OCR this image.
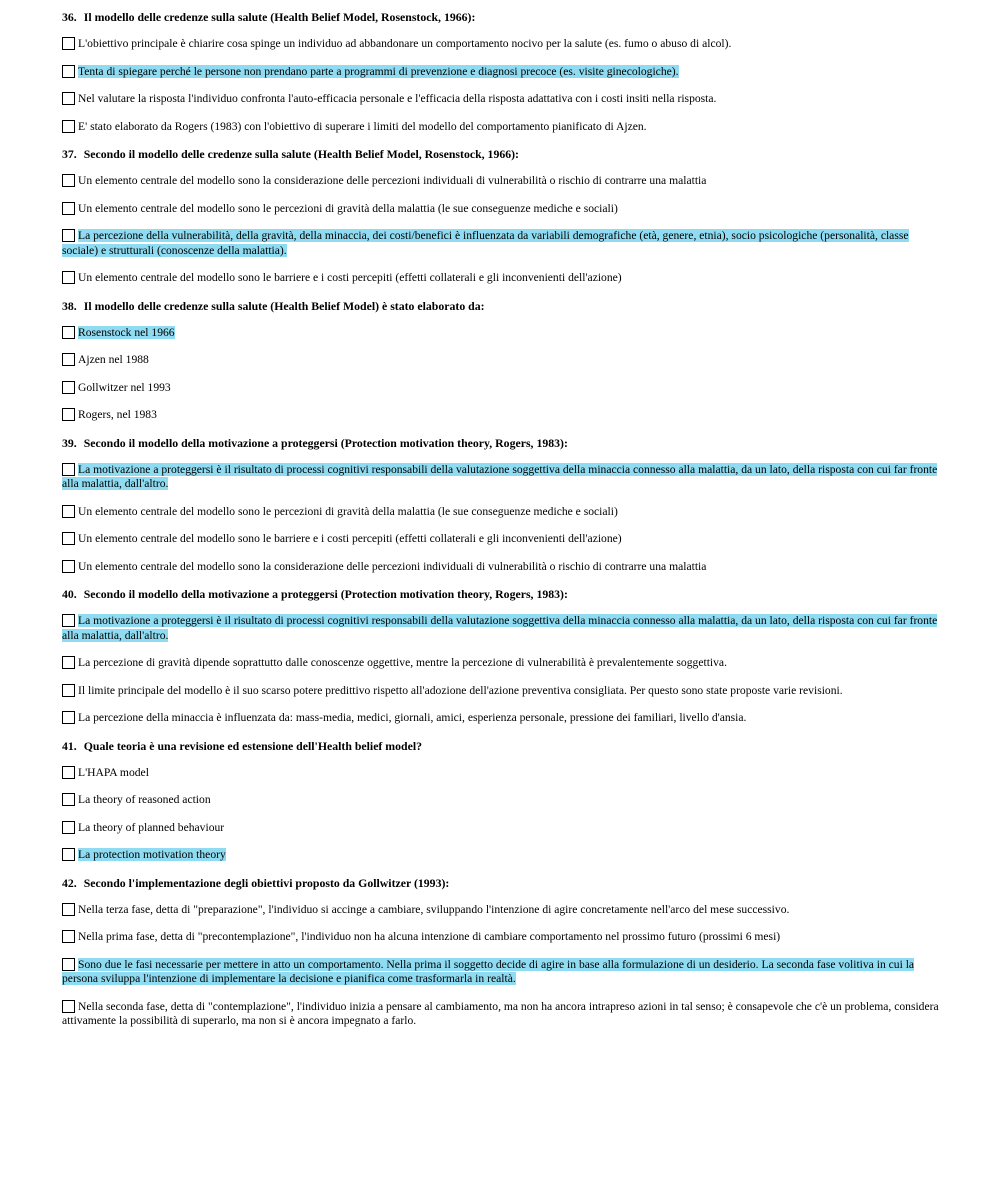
36. Il modello delle credenze sulla salute (Health Belief Model, Rosenstock, 1966):
L'obiettivo principale è chiarire cosa spinge un individuo ad abbandonare un comportamento nocivo per la salute (es. fumo o abuso di alcol).
Tenta di spiegare perché le persone non prendano parte a programmi di prevenzione e diagnosi precoce (es. visite ginecologiche).
Nel valutare la risposta l'individuo confronta l'auto-efficacia personale e l'efficacia della risposta adattativa con i costi insiti nella risposta.
E' stato elaborato da Rogers (1983) con l'obiettivo di superare i limiti del modello del comportamento pianificato di Ajzen.
37. Secondo il modello delle credenze sulla salute (Health Belief Model, Rosenstock, 1966):
Un elemento centrale del modello sono la considerazione delle percezioni individuali di vulnerabilità o rischio di contrarre una malattia
Un elemento centrale del modello sono le percezioni di gravità della malattia (le sue conseguenze mediche e sociali)
La percezione della vulnerabilità, della gravità, della minaccia, dei costi/benefici è influenzata da variabili demografiche (età, genere, etnia), socio psicologiche (personalità, classe sociale) e strutturali (conoscenze della malattia).
Un elemento centrale del modello sono le barriere e i costi percepiti (effetti collaterali e gli inconvenienti dell'azione)
38. Il modello delle credenze sulla salute (Health Belief Model) è stato elaborato da:
Rosenstock nel 1966
Ajzen nel 1988
Gollwitzer nel 1993
Rogers, nel 1983
39. Secondo il modello della motivazione a proteggersi (Protection motivation theory, Rogers, 1983):
La motivazione a proteggersi è il risultato di processi cognitivi responsabili della valutazione soggettiva della minaccia connesso alla malattia, da un lato, della risposta con cui far fronte alla malattia, dall'altro.
Un elemento centrale del modello sono le percezioni di gravità della malattia (le sue conseguenze mediche e sociali)
Un elemento centrale del modello sono le barriere e i costi percepiti (effetti collaterali e gli inconvenienti dell'azione)
Un elemento centrale del modello sono la considerazione delle percezioni individuali di vulnerabilità o rischio di contrarre una malattia
40. Secondo il modello della motivazione a proteggersi (Protection motivation theory, Rogers, 1983):
La motivazione a proteggersi è il risultato di processi cognitivi responsabili della valutazione soggettiva della minaccia connesso alla malattia, da un lato, della risposta con cui far fronte alla malattia, dall'altro.
La percezione di gravità dipende soprattutto dalle conoscenze oggettive, mentre la percezione di vulnerabilità è prevalentemente soggettiva.
Il limite principale del modello è il suo scarso potere predittivo rispetto all'adozione dell'azione preventiva consigliata. Per questo sono state proposte varie revisioni.
La percezione della minaccia è influenzata da: mass-media, medici, giornali, amici, esperienza personale, pressione dei familiari, livello d'ansia.
41. Quale teoria è una revisione ed estensione dell'Health belief model?
L'HAPA model
La theory of reasoned action
La theory of planned behaviour
La protection motivation theory
42. Secondo l'implementazione degli obiettivi proposto da Gollwitzer (1993):
Nella terza fase, detta di "preparazione", l'individuo si accinge a cambiare, sviluppando l'intenzione di agire concretamente nell'arco del mese successivo.
Nella prima fase, detta di "precontemplazione", l'individuo non ha alcuna intenzione di cambiare comportamento nel prossimo futuro (prossimi 6 mesi)
Sono due le fasi necessarie per mettere in atto un comportamento. Nella prima il soggetto decide di agire in base alla formulazione di un desiderio. La seconda fase volitiva in cui la persona sviluppa l'intenzione di implementare la decisione e pianifica come trasformarla in realtà.
Nella seconda fase, detta di "contemplazione", l'individuo inizia a pensare al cambiamento, ma non ha ancora intrapreso azioni in tal senso; è consapevole che c'è un problema, considera attivamente la possibilità di superarlo, ma non si è ancora impegnato a farlo.
